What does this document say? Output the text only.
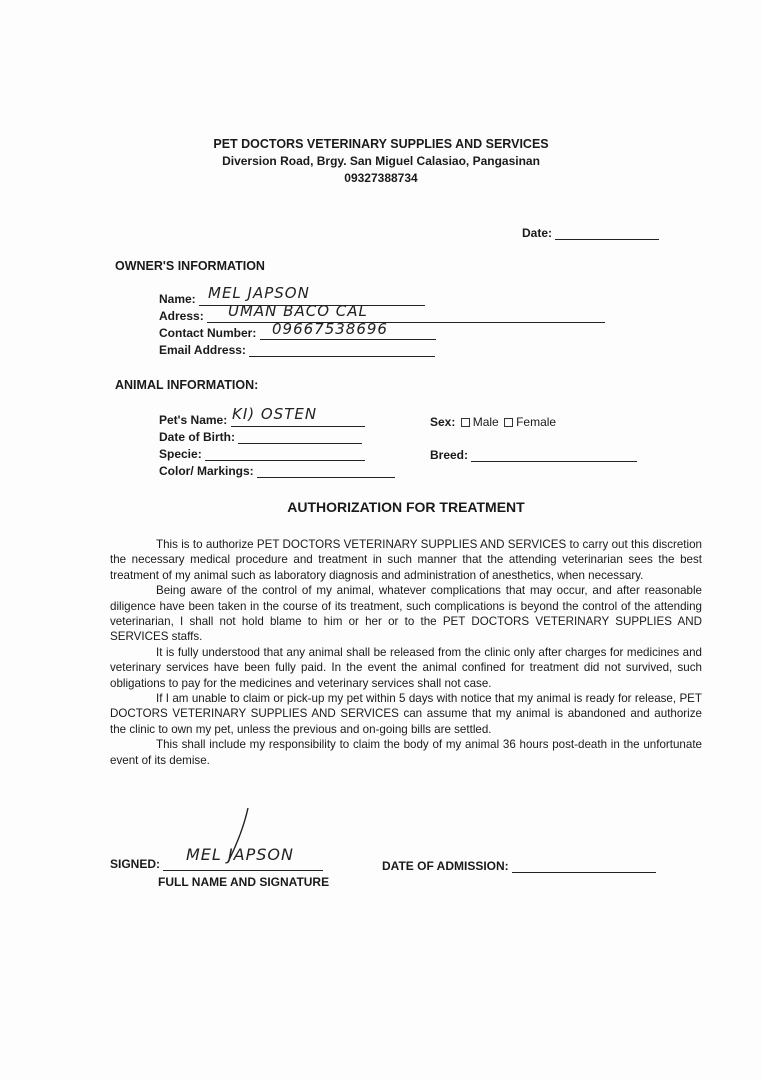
PET DOCTORS VETERINARY SUPPLIES AND SERVICES
Diversion Road, Brgy. San Miguel Calasiao, Pangasinan
09327388734
Date:
OWNER'S INFORMATION
Name: MEL JAPSON
Adress:	UMAN BACO CAL
Contact Number:	09667538696
Email Address:
ANIMAL INFORMATION:
Pet's Name: KI) OSTEN
Date of Birth:
Specie:
Color/ Markings:
Sex: Male Female
Breed:
AUTHORIZATION FOR TREATMENT

This is to authorize PET DOCTORS VETERINARY SUPPLIES AND SERVICES to carry out this discretion the necessary medical procedure and treatment in such manner that the attending veterinarian sees the best treatment of my animal such as laboratory diagnosis and administration of anesthetics, when necessary.

Being aware of the control of my animal, whatever complications that may occur, and after reasonable diligence have been taken in the course of its treatment, such complications is beyond the control of the attending veterinarian, I shall not hold blame to him or her or to the PET DOCTORS VETERINARY SUPPLIES AND SERVICES staffs.

It is fully understood that any animal shall be released from the clinic only after charges for medicines and veterinary services have been fully paid. In the event the animal confined for treatment did not survived, such obligations to pay for the medicines and veterinary services shall not case.

If I am unable to claim or pick-up my pet within 5 days with notice that my animal is ready for release, PET DOCTORS VETERINARY SUPPLIES AND SERVICES can assume that my animal is abandoned and authorize the clinic to own my pet, unless the previous and on-going bills are settled.

This shall include my responsibility to claim the body of my animal 36 hours post-death in the unfortunate event of its demise.

SIGNED:	MEL JAPSON
FULL NAME AND SIGNATURE
DATE OF ADMISSION:
